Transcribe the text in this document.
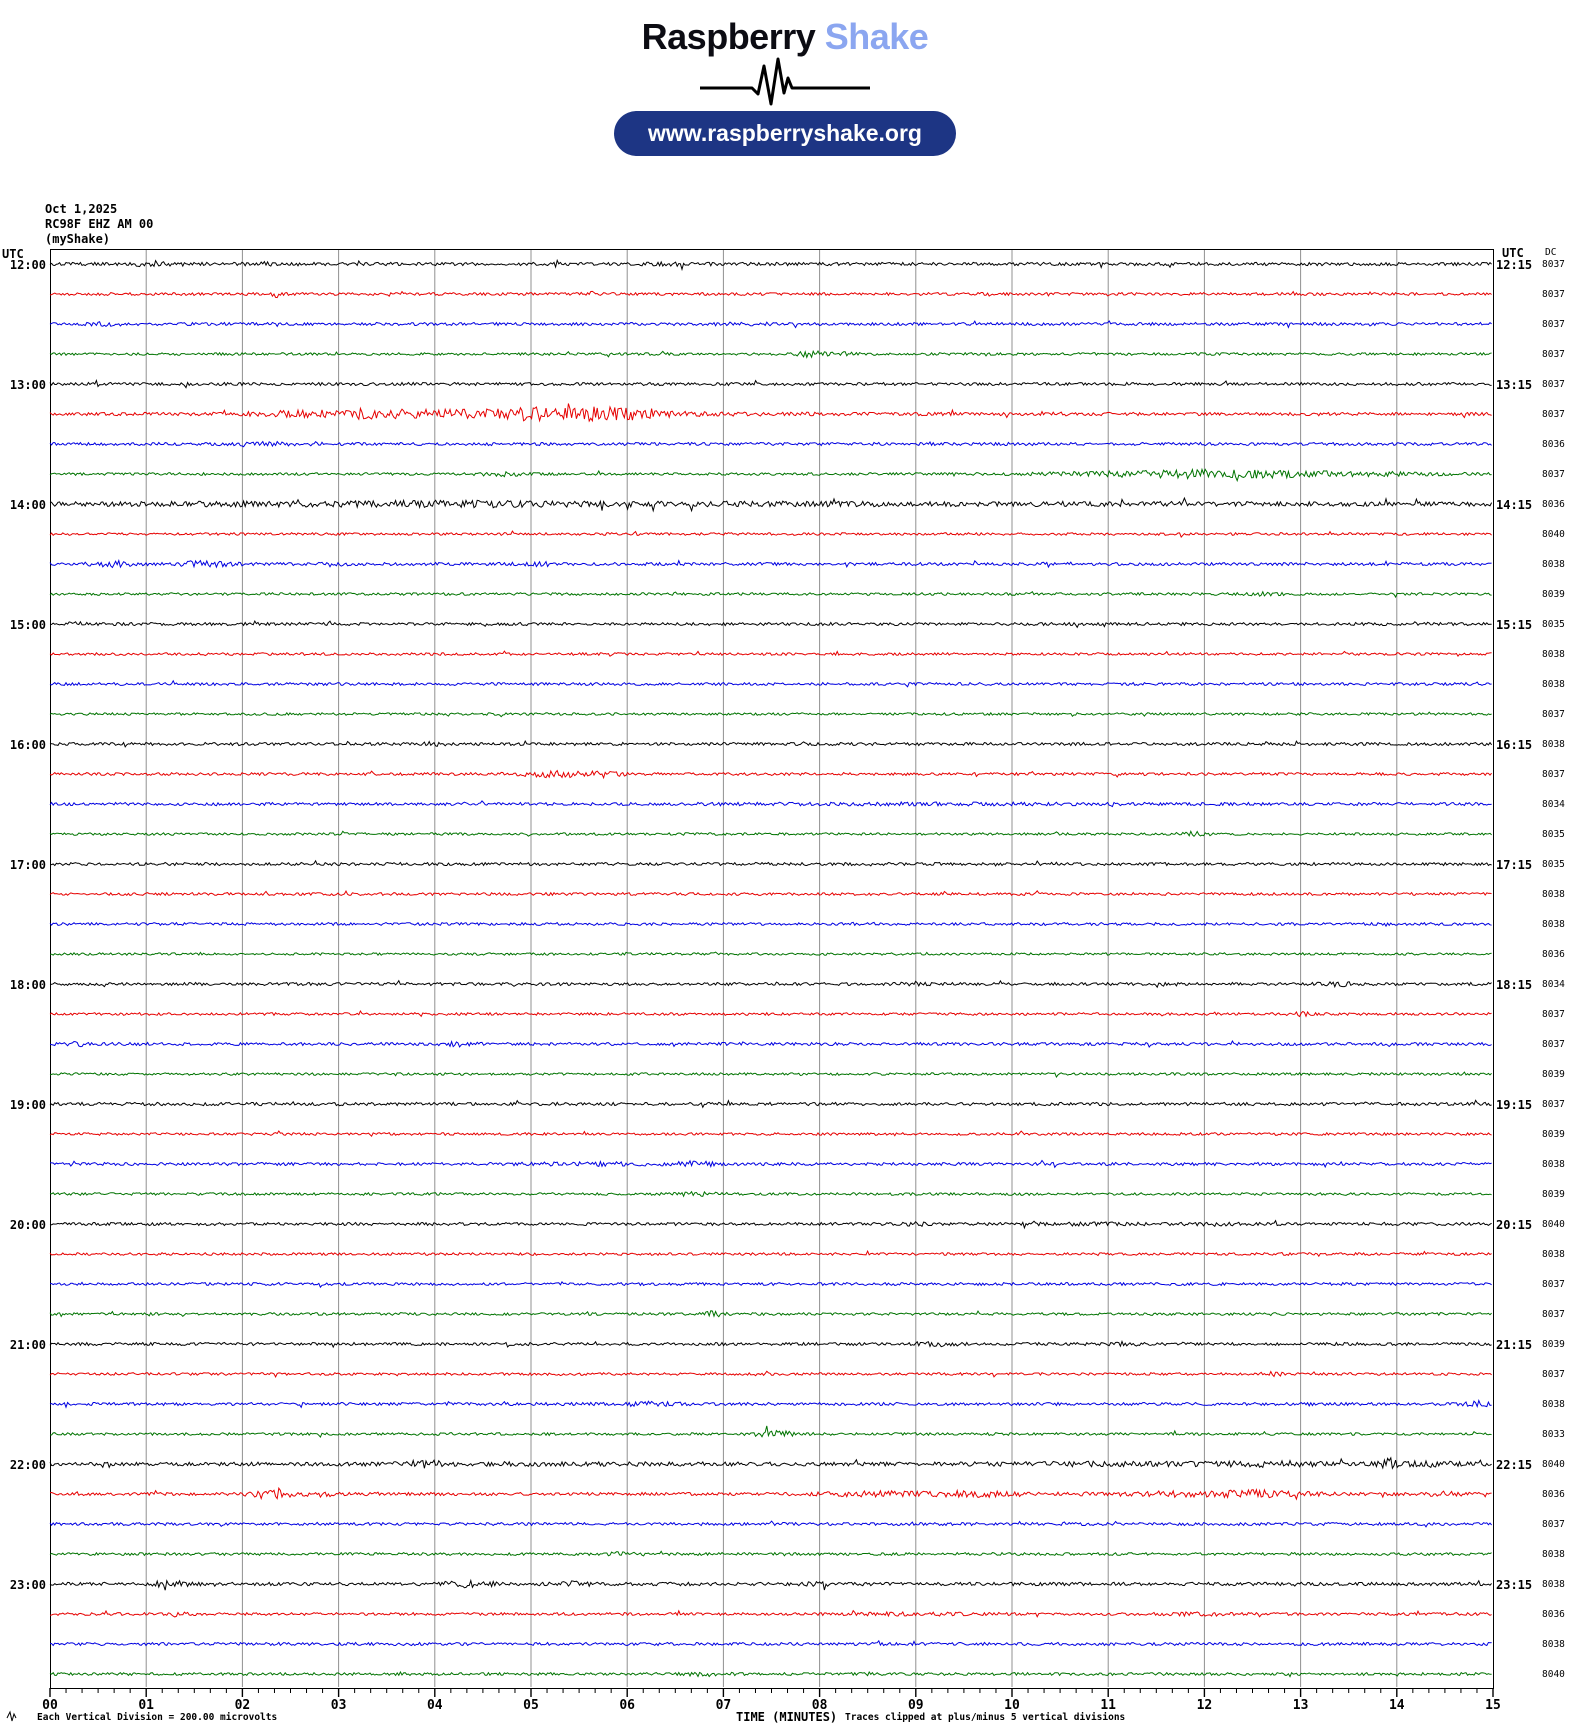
Raspberry Shake
www.raspberryshake.org
00	01	02	03	04	05	06	07	08	09	10	11	12	13	14	15
12:00	12:15 8037
8037
8037
8037
13:00	13:15 8037
8037
8036
8037
14:00	14:15 8036
8040
8038
8039
15:00	15:15 8035
8038
8038
8037
16:00	16:15 8038
8037
8034
8035
17:00	17:15 8035
8038
8038
8036
18:00	18:15 8034
8037
8037
8039
19:00	19:15 8037
8039
8038
8039
20:00	20:15 8040
8038
8037
8037
21:00	21:15 8039
8037
8038
8033
22:00	22:15 8040
8036
8037
8038
23:00	23:15 8038
8036
8038
8040
Oct 1,2025
RC98F EHZ AM 00
(myShake)
UTC	UTC DC
TIME (MINUTES) Traces clipped at plus/minus 5 vertical divisions
Each Vertical Division = 200.00 microvolts
